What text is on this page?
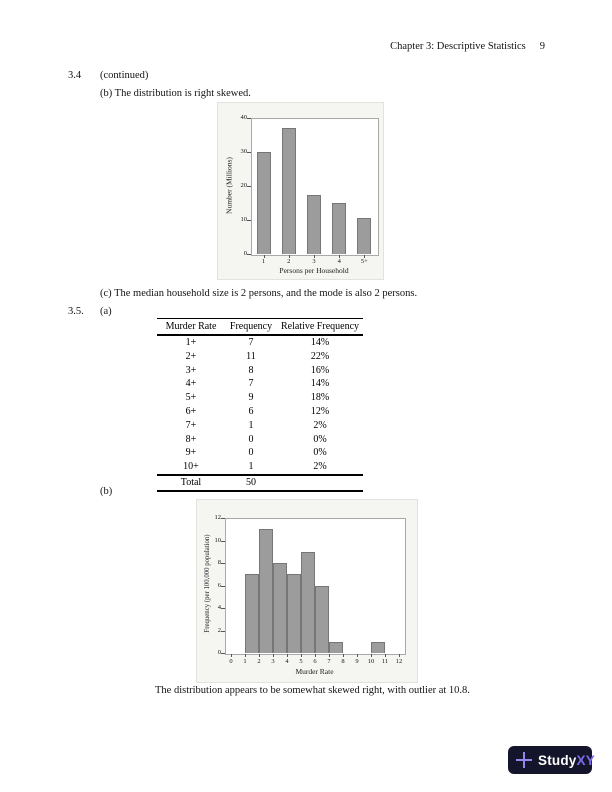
Chapter 3: Descriptive Statistics 9
3.4 (continued)
(b) The distribution is right skewed.
Persons per Household
Number (Millions)
0
10
20
30
40
1	2	3	4	5+
(c) The median household size is 2 persons, and the mode is also 2 persons.
3.5. (a)
Murder Rate	Frequency	Relative Frequency
1+	7	14%
2+	11	22%
3+	8	16%
4+	7	14%
5+	9	18%
6+	6	12%
7+	1	2%
8+	0	0%
9+	0	0%
10+	1	2%
Total	50	
(b)
Murder Rate
Frequency (per 100,000 population)
0
2
4
6
8
10
12
0	1	2	3	4	5	6	7	8	9	10	11	12
The distribution appears to be somewhat skewed right, with outlier at 10.8.
StudyXY
